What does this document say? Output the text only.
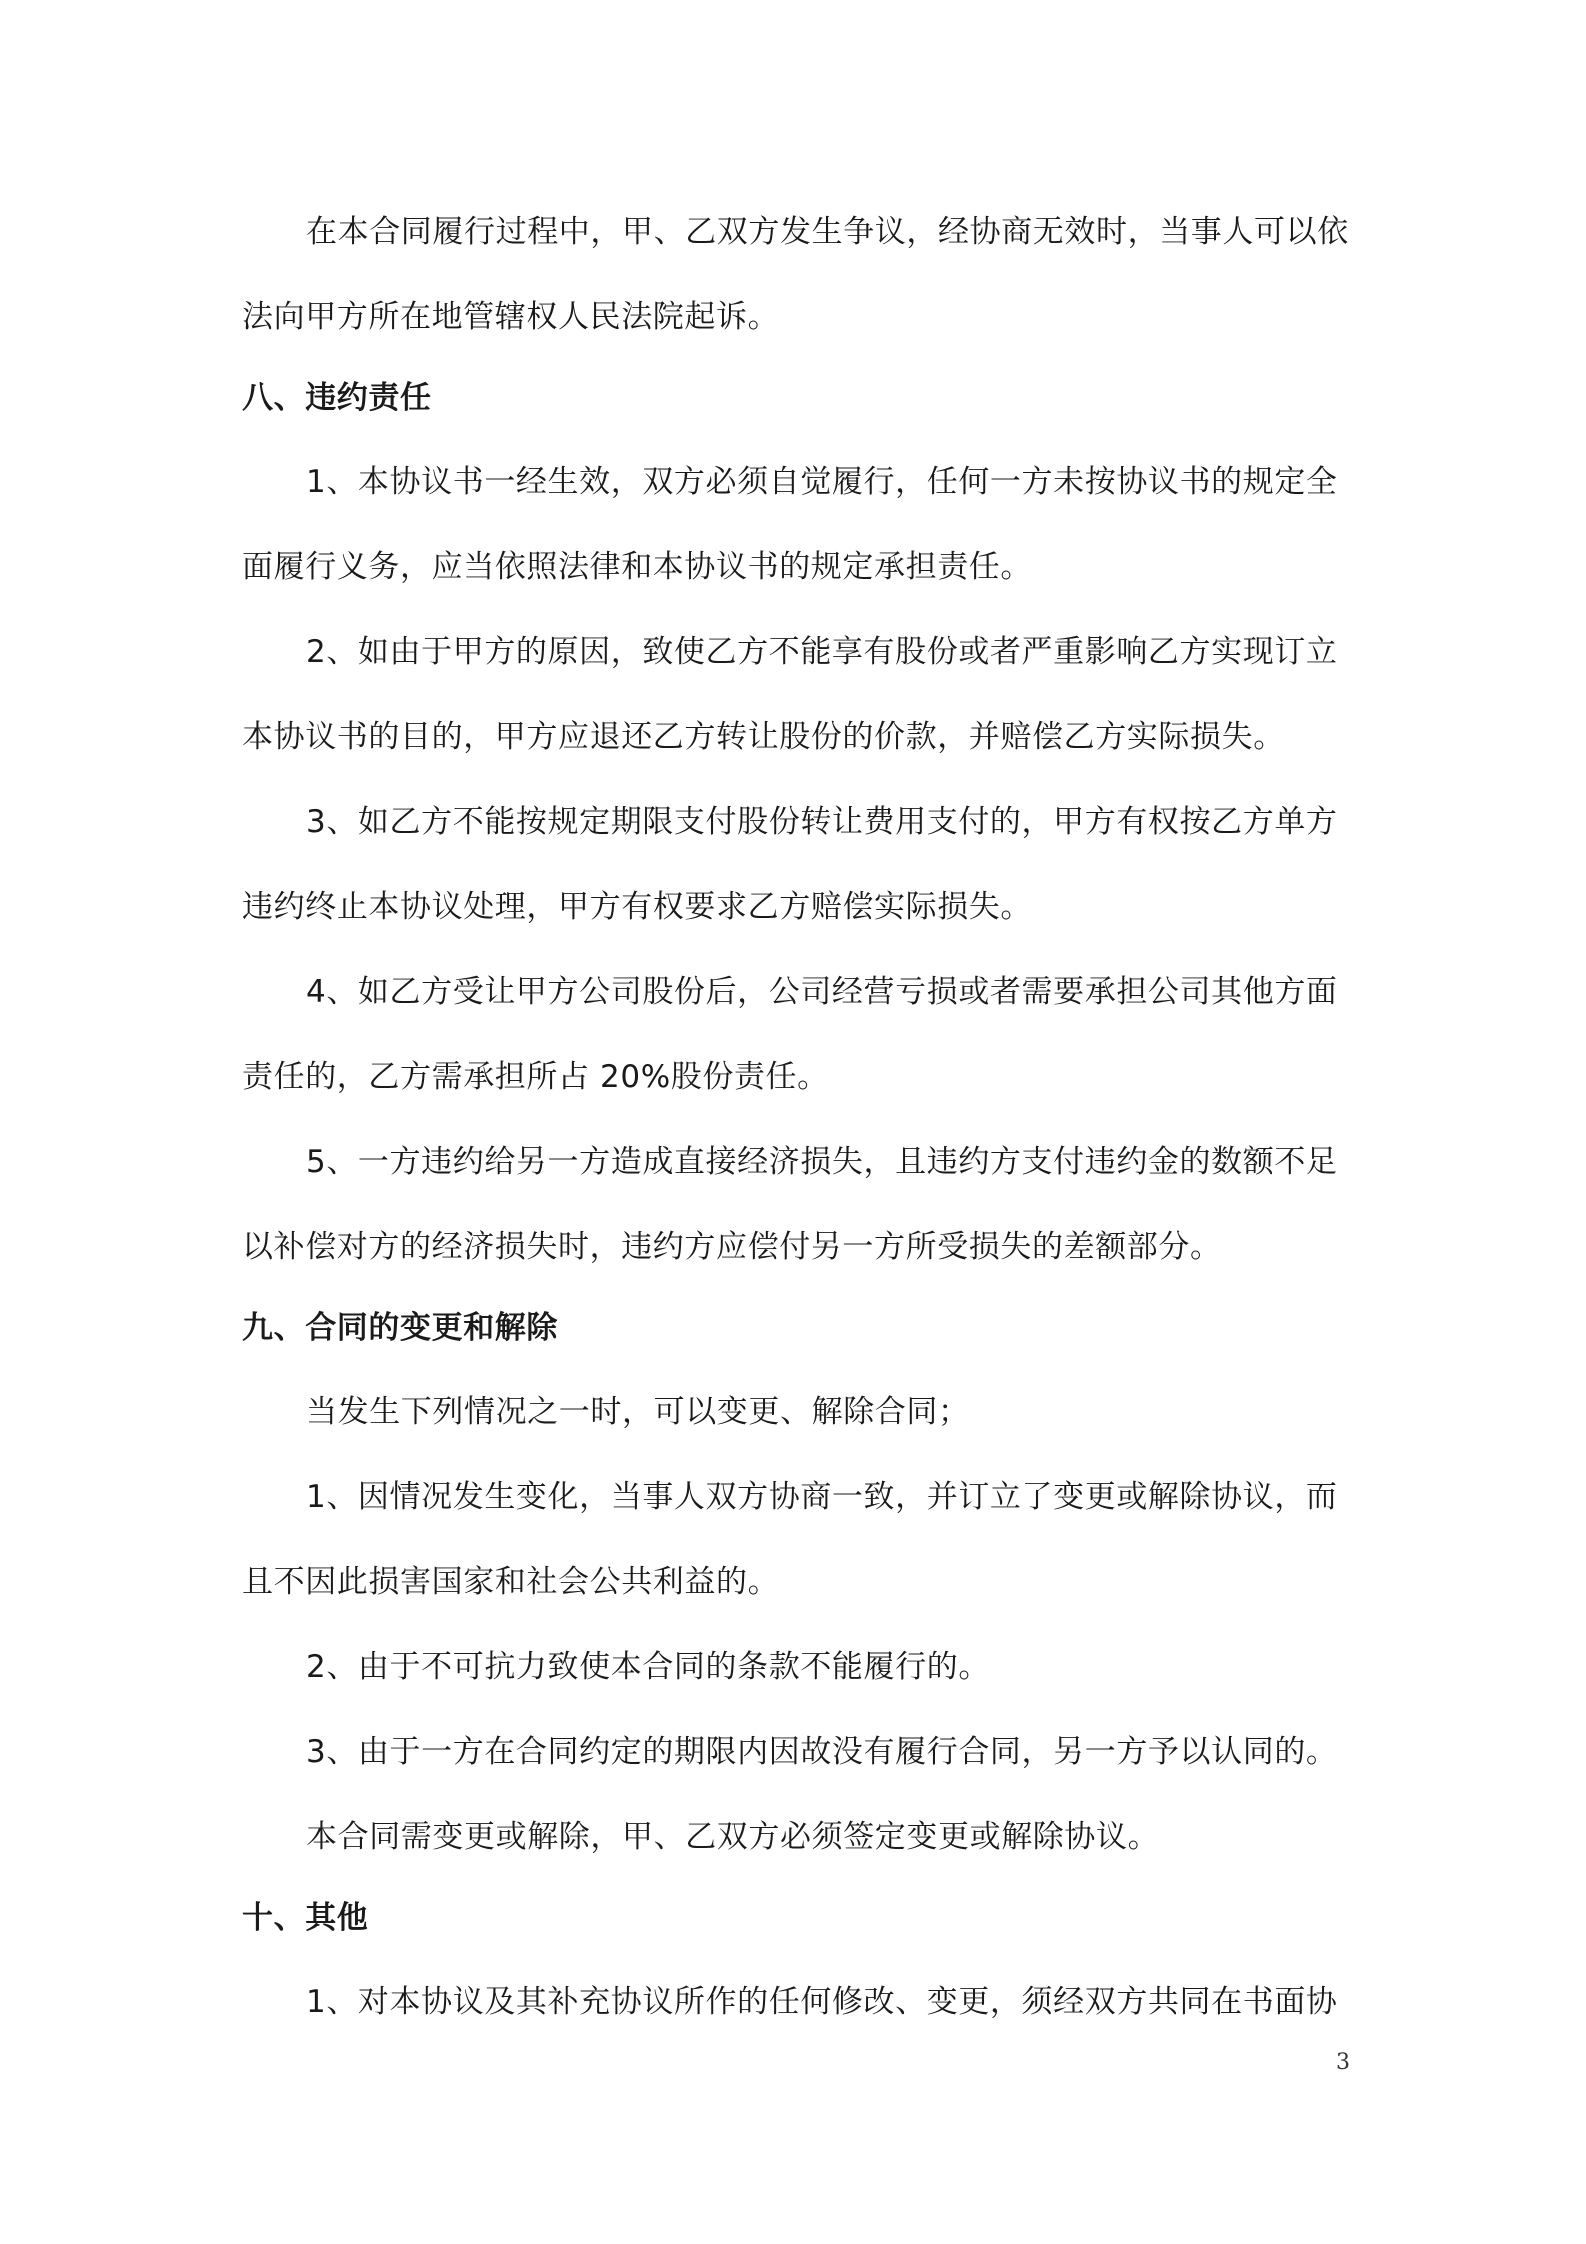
在本合同履行过程中，甲、乙双方发生争议，经协商无效时，当事人可以依
法向甲方所在地管辖权人民法院起诉。
八、违约责任
1、本协议书一经生效，双方必须自觉履行，任何一方未按协议书的规定全
面履行义务，应当依照法律和本协议书的规定承担责任。
2、如由于甲方的原因，致使乙方不能享有股份或者严重影响乙方实现订立
本协议书的目的，甲方应退还乙方转让股份的价款，并赔偿乙方实际损失。
3、如乙方不能按规定期限支付股份转让费用支付的，甲方有权按乙方单方
违约终止本协议处理，甲方有权要求乙方赔偿实际损失。
4、如乙方受让甲方公司股份后，公司经营亏损或者需要承担公司其他方面
责任的，乙方需承担所占 20%股份责任。
5、一方违约给另一方造成直接经济损失，且违约方支付违约金的数额不足
以补偿对方的经济损失时，违约方应偿付另一方所受损失的差额部分。
九、合同的变更和解除
当发生下列情况之一时，可以变更、解除合同；
1、因情况发生变化，当事人双方协商一致，并订立了变更或解除协议，而
且不因此损害国家和社会公共利益的。
2、由于不可抗力致使本合同的条款不能履行的。
3、由于一方在合同约定的期限内因故没有履行合同，另一方予以认同的。
本合同需变更或解除，甲、乙双方必须签定变更或解除协议。
十、其他
1、对本协议及其补充协议所作的任何修改、变更，须经双方共同在书面协
3
